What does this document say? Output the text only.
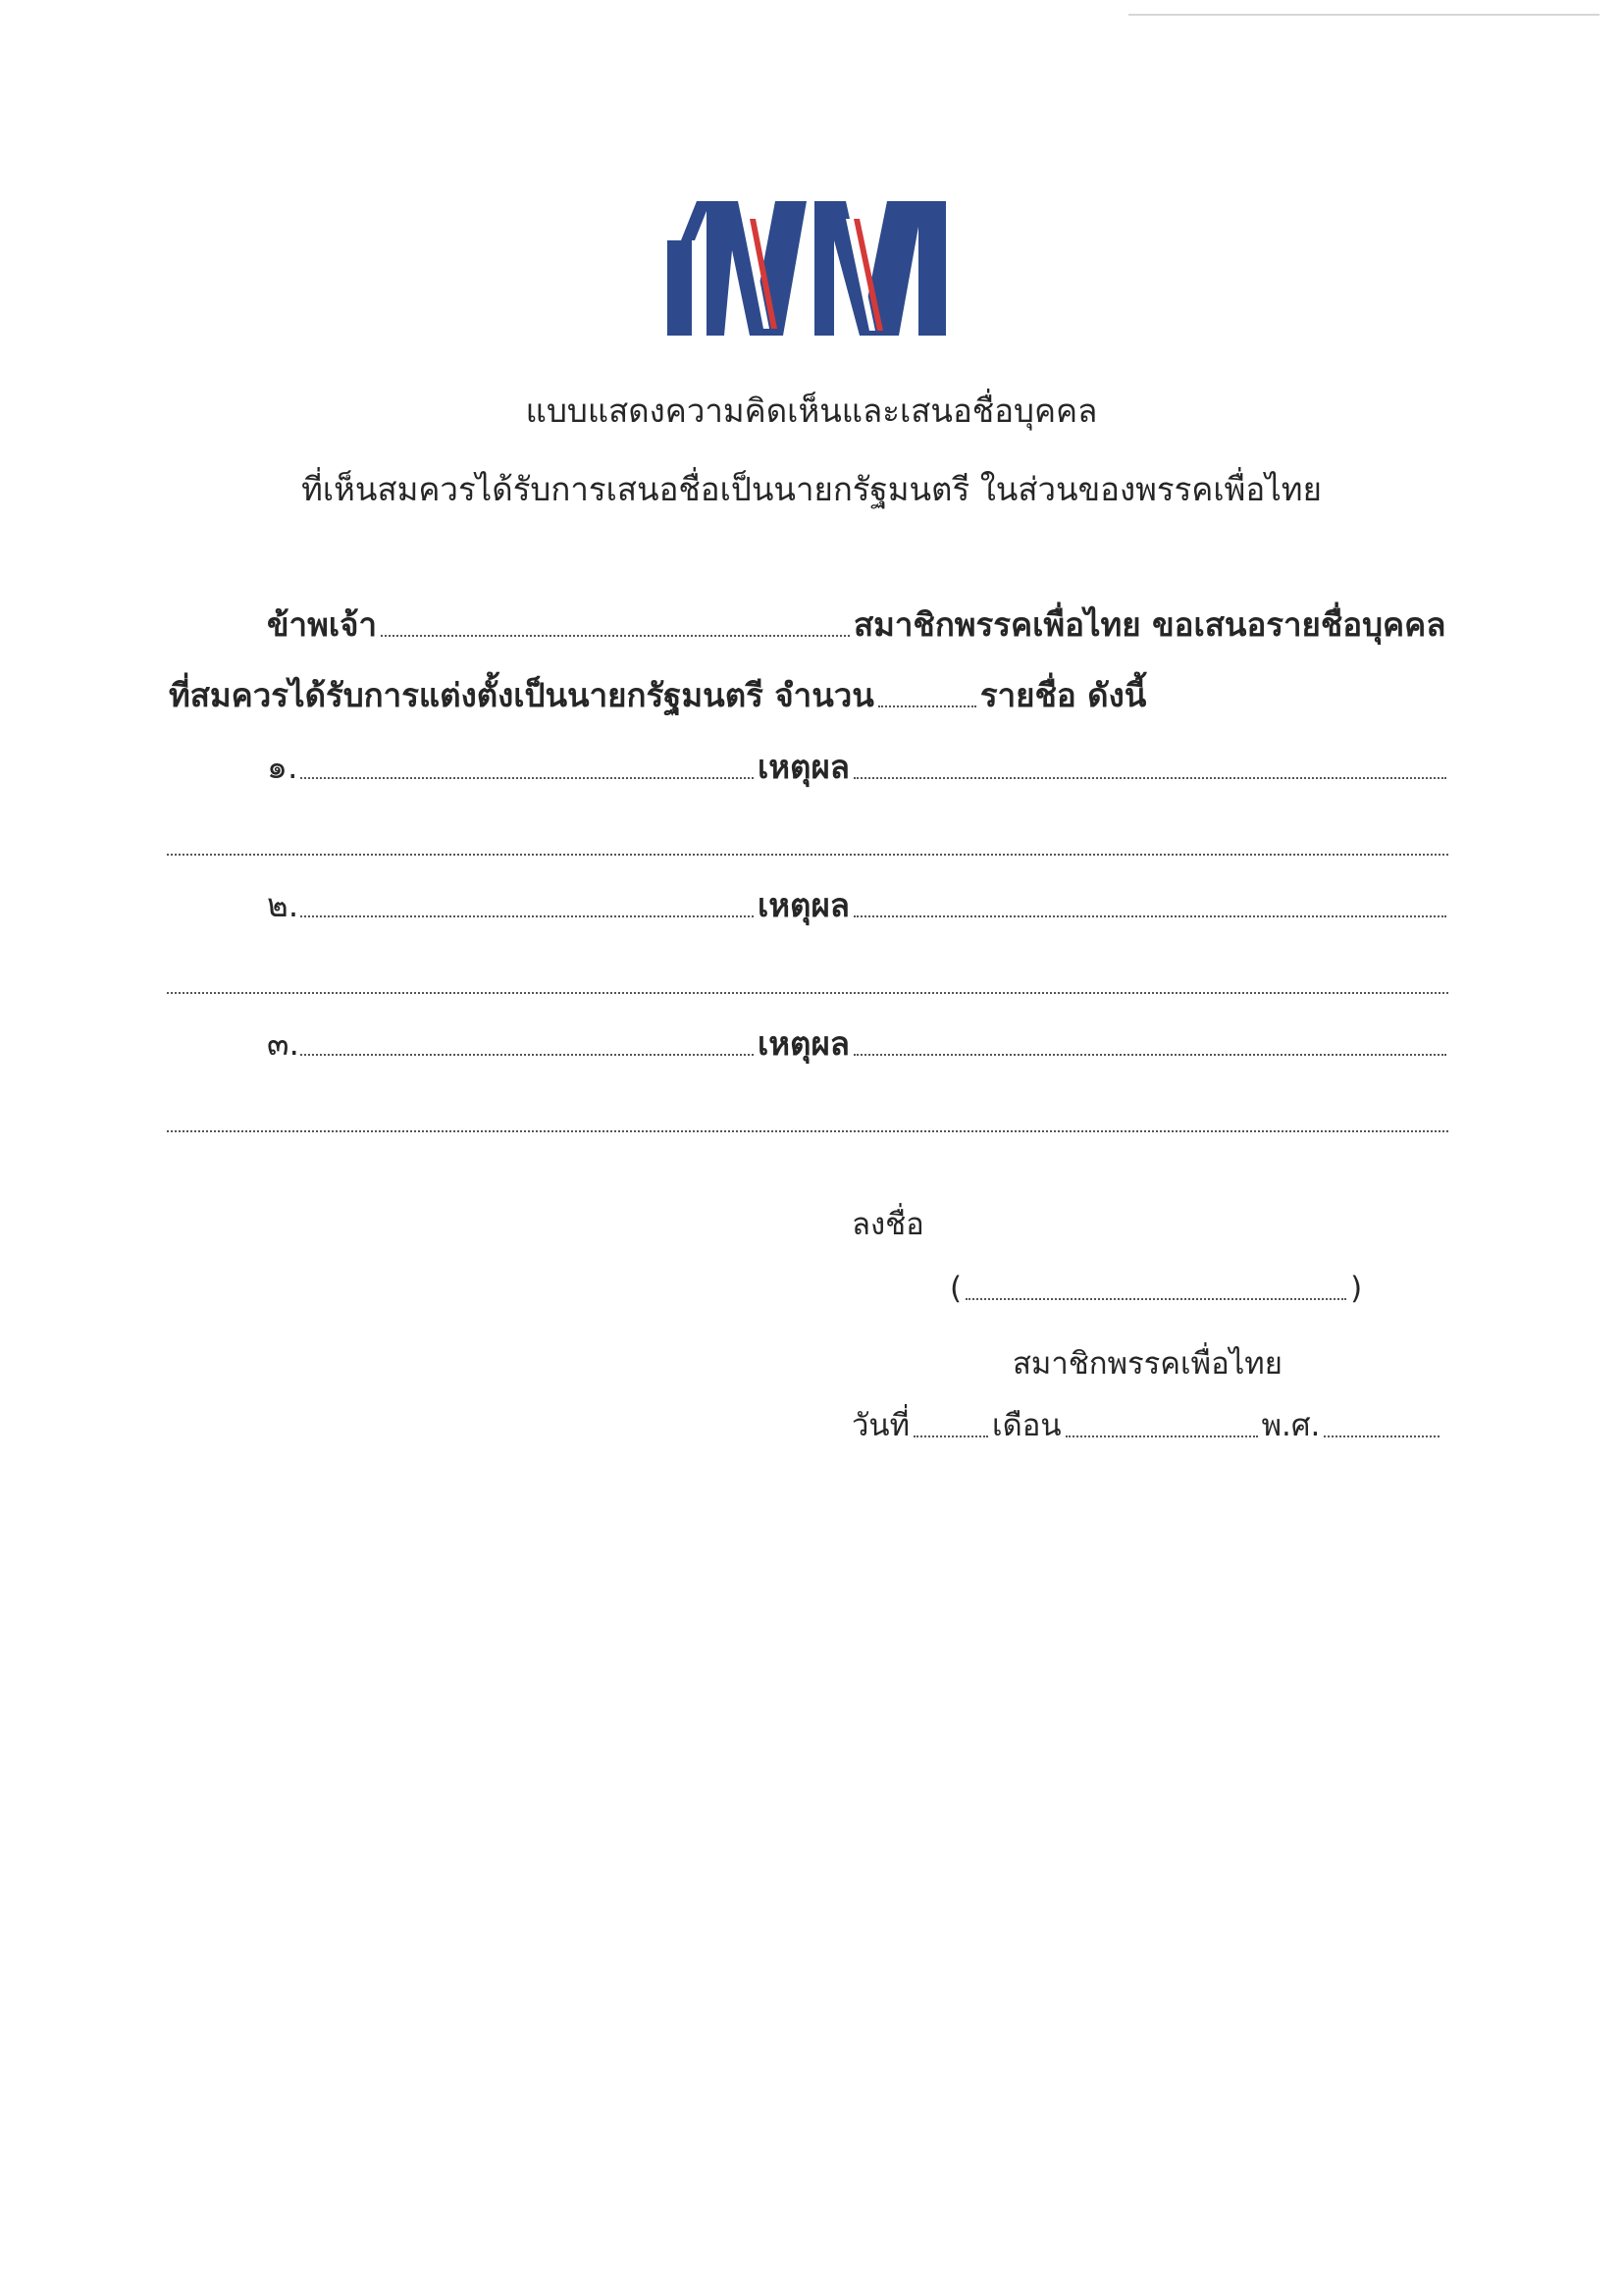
แบบแสดงความคิดเห็นและเสนอชื่อบุคคล
ที่เห็นสมควรได้รับการเสนอชื่อเป็นนายกรัฐมนตรี ในส่วนของพรรคเพื่อไทย
ข้าพเจ้า	สมาชิกพรรคเพื่อไทย ขอเสนอรายชื่อบุคคล
ที่สมควรได้รับการแต่งตั้งเป็นนายกรัฐมนตรี จำนวน	รายชื่อ ดังนี้
๑.	เหตุผล
๒.	เหตุผล
๓.	เหตุผล
ลงชื่อ
(	)
สมาชิกพรรคเพื่อไทย
วันที่	เดือน	พ.ศ.
